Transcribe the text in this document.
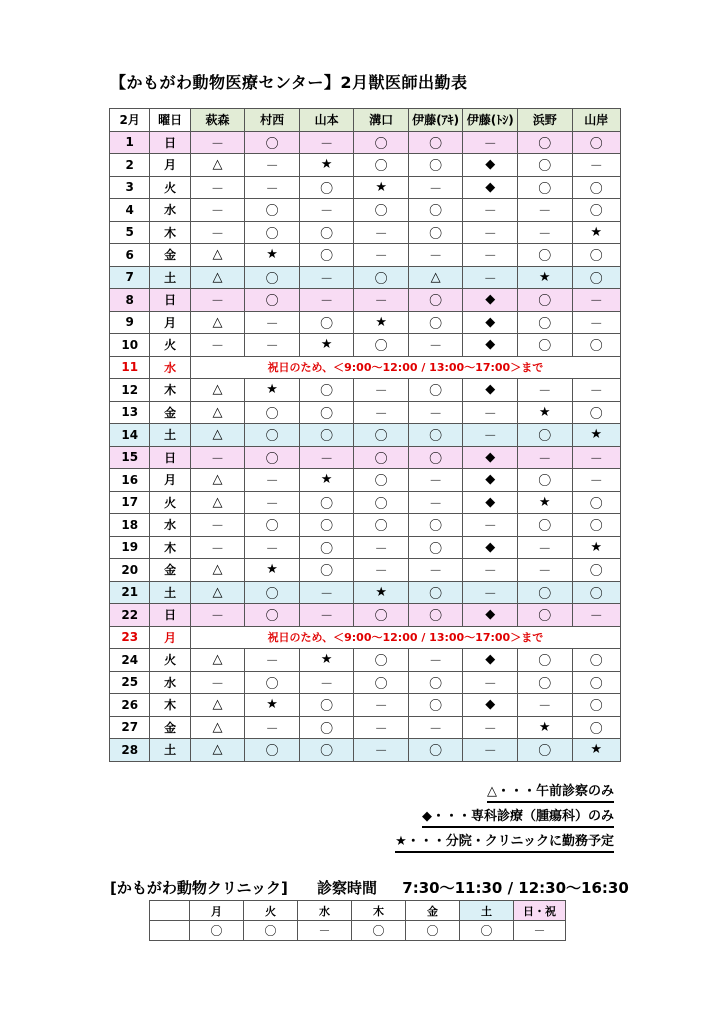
【かもがわ動物医療センター】2月獣医師出勤表
2月	曜日	萩森	村西	山本	溝口	伊藤(ｱｷ)	伊藤(ﾄｼ)	浜野	山岸
1	日	－	〇	－	〇	〇	－	〇	〇
2	月	△	－	★	〇	〇	◆	〇	－
3	火	－	－	〇	★	－	◆	〇	〇
4	水	－	〇	－	〇	〇	－	－	〇
5	木	－	〇	〇	－	〇	－	－	★
6	金	△	★	〇	－	－	－	〇	〇
7	土	△	〇	－	〇	△	－	★	〇
8	日	－	〇	－	－	〇	◆	〇	－
9	月	△	－	〇	★	〇	◆	〇	－
10	火	－	－	★	〇	－	◆	〇	〇
11	水	祝日のため、＜9:00～12:00 / 13:00～17:00＞まで							
12	木	△	★	〇	－	〇	◆	－	－
13	金	△	〇	〇	－	－	－	★	〇
14	土	△	〇	〇	〇	〇	－	〇	★
15	日	－	〇	－	〇	〇	◆	－	－
16	月	△	－	★	〇	－	◆	〇	－
17	火	△	－	〇	〇	－	◆	★	〇
18	水	－	〇	〇	〇	〇	－	〇	〇
19	木	－	－	〇	－	〇	◆	－	★
20	金	△	★	〇	－	－	－	－	〇
21	土	△	〇	－	★	〇	－	〇	〇
22	日	－	〇	－	〇	〇	◆	〇	－
23	月	祝日のため、＜9:00～12:00 / 13:00～17:00＞まで							
24	火	△	－	★	〇	－	◆	〇	〇
25	水	－	〇	－	〇	〇	－	〇	〇
26	木	△	★	〇	－	〇	◆	－	〇
27	金	△	－	〇	－	－	－	★	〇
28	土	△	〇	〇	－	〇	－	〇	★
△・・・午前診察のみ
◆・・・専科診療（腫瘍科）のみ
★・・・分院・クリニックに勤務予定
[かもがわ動物クリニック] 診察時間 7:30～11:30 / 12:30～16:30
	月	火	水	木	金	土	日・祝
	〇	〇	－	〇	〇	〇	－
